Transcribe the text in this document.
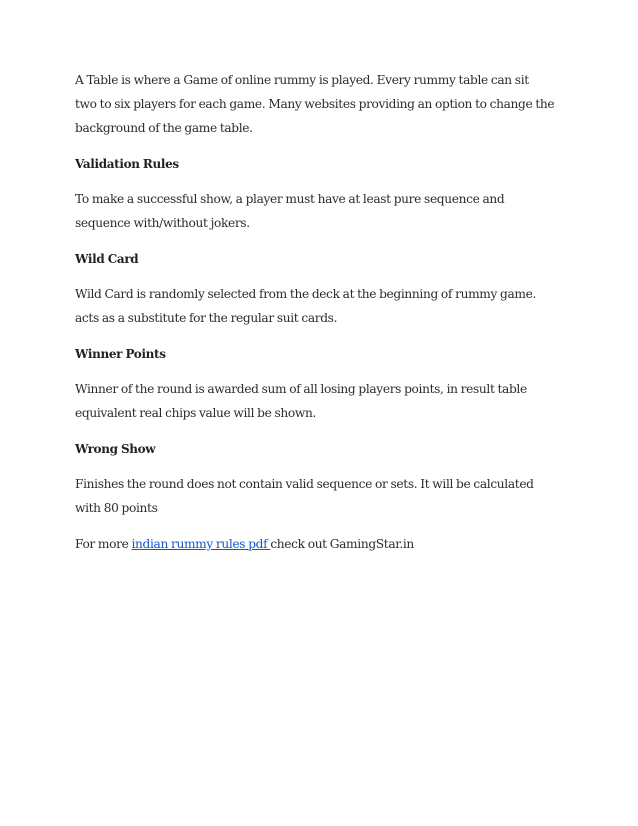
A Table is where a Game of online rummy is played. Every rummy table can sit
two to six players for each game. Many websites providing an option to change the
background of the game table.

Validation Rules

To make a successful show, a player must have at least pure sequence and
sequence with/without jokers.

Wild Card

Wild Card is randomly selected from the deck at the beginning of rummy game.
acts as a substitute for the regular suit cards.

Winner Points

Winner of the round is awarded sum of all losing players points, in result table
equivalent real chips value will be shown.

Wrong Show

Finishes the round does not contain valid sequence or sets. It will be calculated
with 80 points

For more indian rummy rules pdf check out GamingStar.in
